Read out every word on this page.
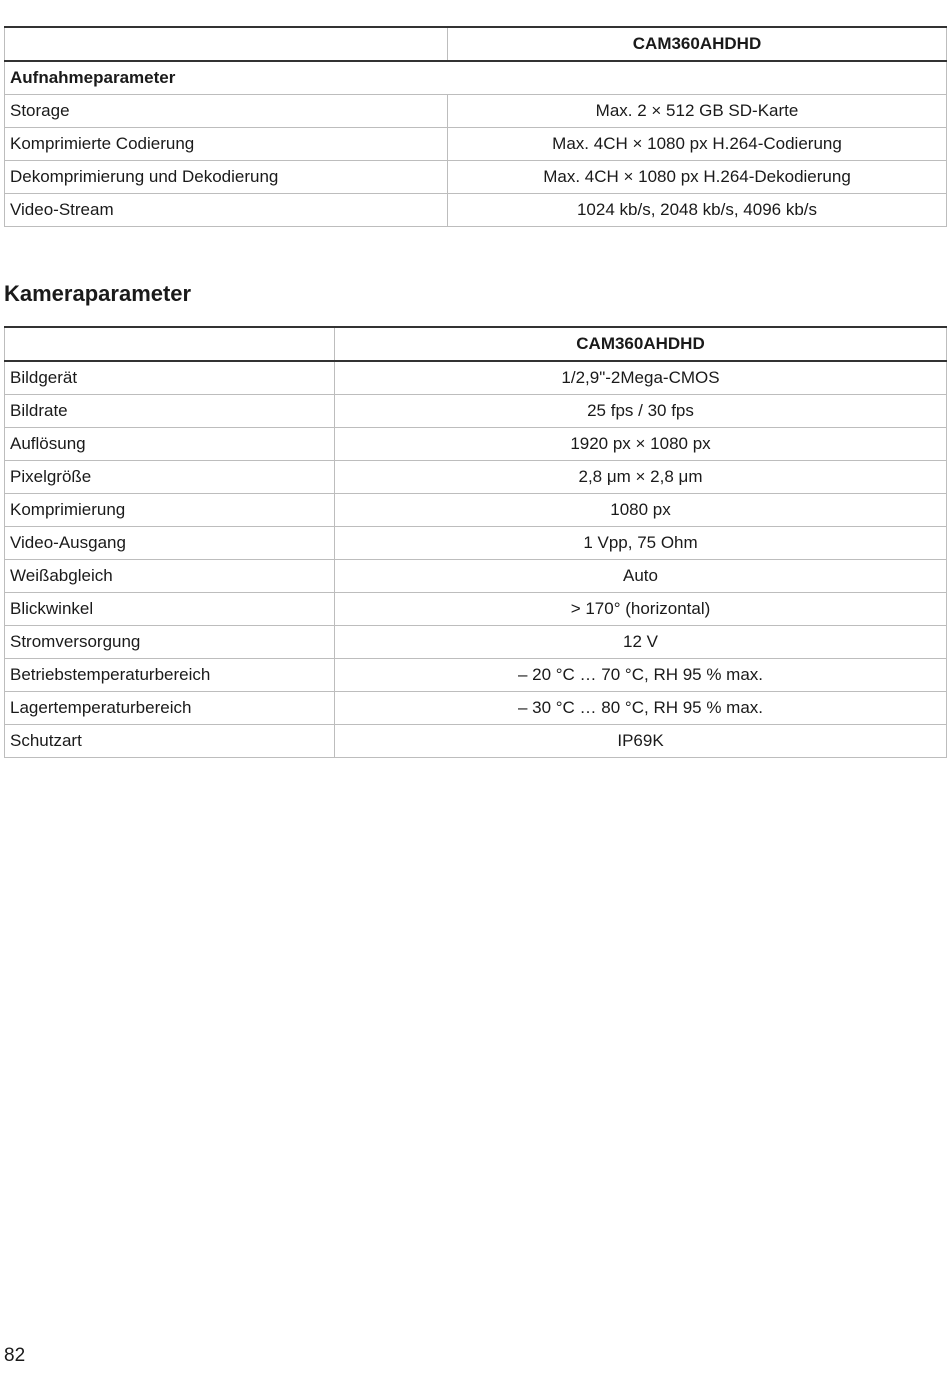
	CAM360AHDHD
Aufnahmeparameter	
Storage	Max. 2 × 512 GB SD-Karte
Komprimierte Codierung	Max. 4CH × 1080 px H.264-Codierung
Dekomprimierung und Dekodierung	Max. 4CH × 1080 px H.264-Dekodierung
Video-Stream	1024 kb/s, 2048 kb/s, 4096 kb/s
Kameraparameter
	CAM360AHDHD
Bildgerät	1/2,9"-2Mega-CMOS
Bildrate	25 fps / 30 fps
Auflösung	1920 px × 1080 px
Pixelgröße	2,8 μm × 2,8 μm
Komprimierung	1080 px
Video-Ausgang	1 Vpp, 75 Ohm
Weißabgleich	Auto
Blickwinkel	> 170° (horizontal)
Stromversorgung	12 V
Betriebstemperaturbereich	– 20 °C … 70 °C, RH 95 % max.
Lagertemperaturbereich	– 30 °C … 80 °C, RH 95 % max.
Schutzart	IP69K
82
